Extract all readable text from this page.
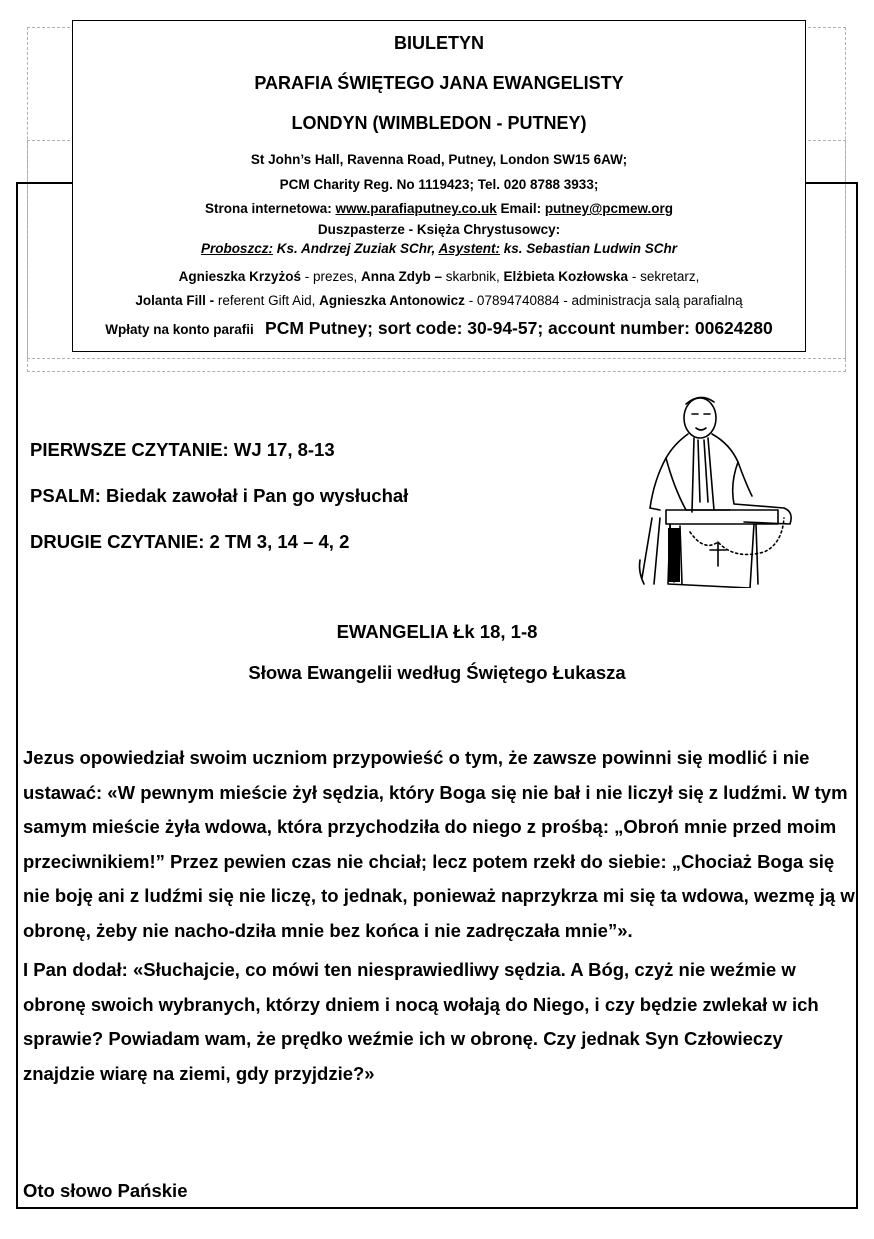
BIULETYN
PARAFIA ŚWIĘTEGO JANA EWANGELISTY
LONDYN (WIMBLEDON - PUTNEY)
St John’s Hall, Ravenna Road, Putney, London SW15 6AW;
PCM Charity Reg. No 1119423; Tel. 020 8788 3933;
Strona internetowa: www.parafiaputney.co.uk Email: putney@pcmew.org
Duszpasterze - Księża Chrystusowcy:
Proboszcz: Ks. Andrzej Zuziak SChr, Asystent: ks. Sebastian Ludwin SChr
Agnieszka Krzyżoś - prezes, Anna Zdyb – skarbnik, Elżbieta Kozłowska - sekretarz,
Jolanta Fill - referent Gift Aid, Agnieszka Antonowicz - 07894740884 - administracja salą parafialną
Wpłaty na konto parafii PCM Putney; sort code: 30-94-57; account number: 00624280
PIERWSZE CZYTANIE: WJ 17, 8-13
PSALM: Biedak zawołał i Pan go wysłuchał
DRUGIE CZYTANIE: 2 TM 3, 14 – 4, 2
EWANGELIA Łk 18, 1-8
Słowa Ewangelii według Świętego Łukasza

Jezus opowiedział swoim uczniom przypowieść o tym, że zawsze powinni się modlić i nie ustawać: «W pewnym mieście żył sędzia, który Boga się nie bał i nie liczył się z ludźmi. W tym samym mieście żyła wdowa, która przychodziła do niego z prośbą: „Obroń mnie przed moim przeciwnikiem!” Przez pewien czas nie chciał; lecz potem rzekł do siebie: „Chociaż Boga się nie boję ani z ludźmi się nie liczę, to jednak, ponieważ naprzykrza mi się ta wdowa, wezmę ją w obronę, żeby nie nacho-dziła mnie bez końca i nie zadręczała mnie”».

I Pan dodał: «Słuchajcie, co mówi ten niesprawiedliwy sędzia. A Bóg, czyż nie weźmie w obronę swoich wybranych, którzy dniem i nocą wołają do Niego, i czy będzie zwlekał w ich sprawie? Powiadam wam, że prędko weźmie ich w obronę. Czy jednak Syn Człowieczy znajdzie wiarę na ziemi, gdy przyjdzie?»

Oto słowo Pańskie
